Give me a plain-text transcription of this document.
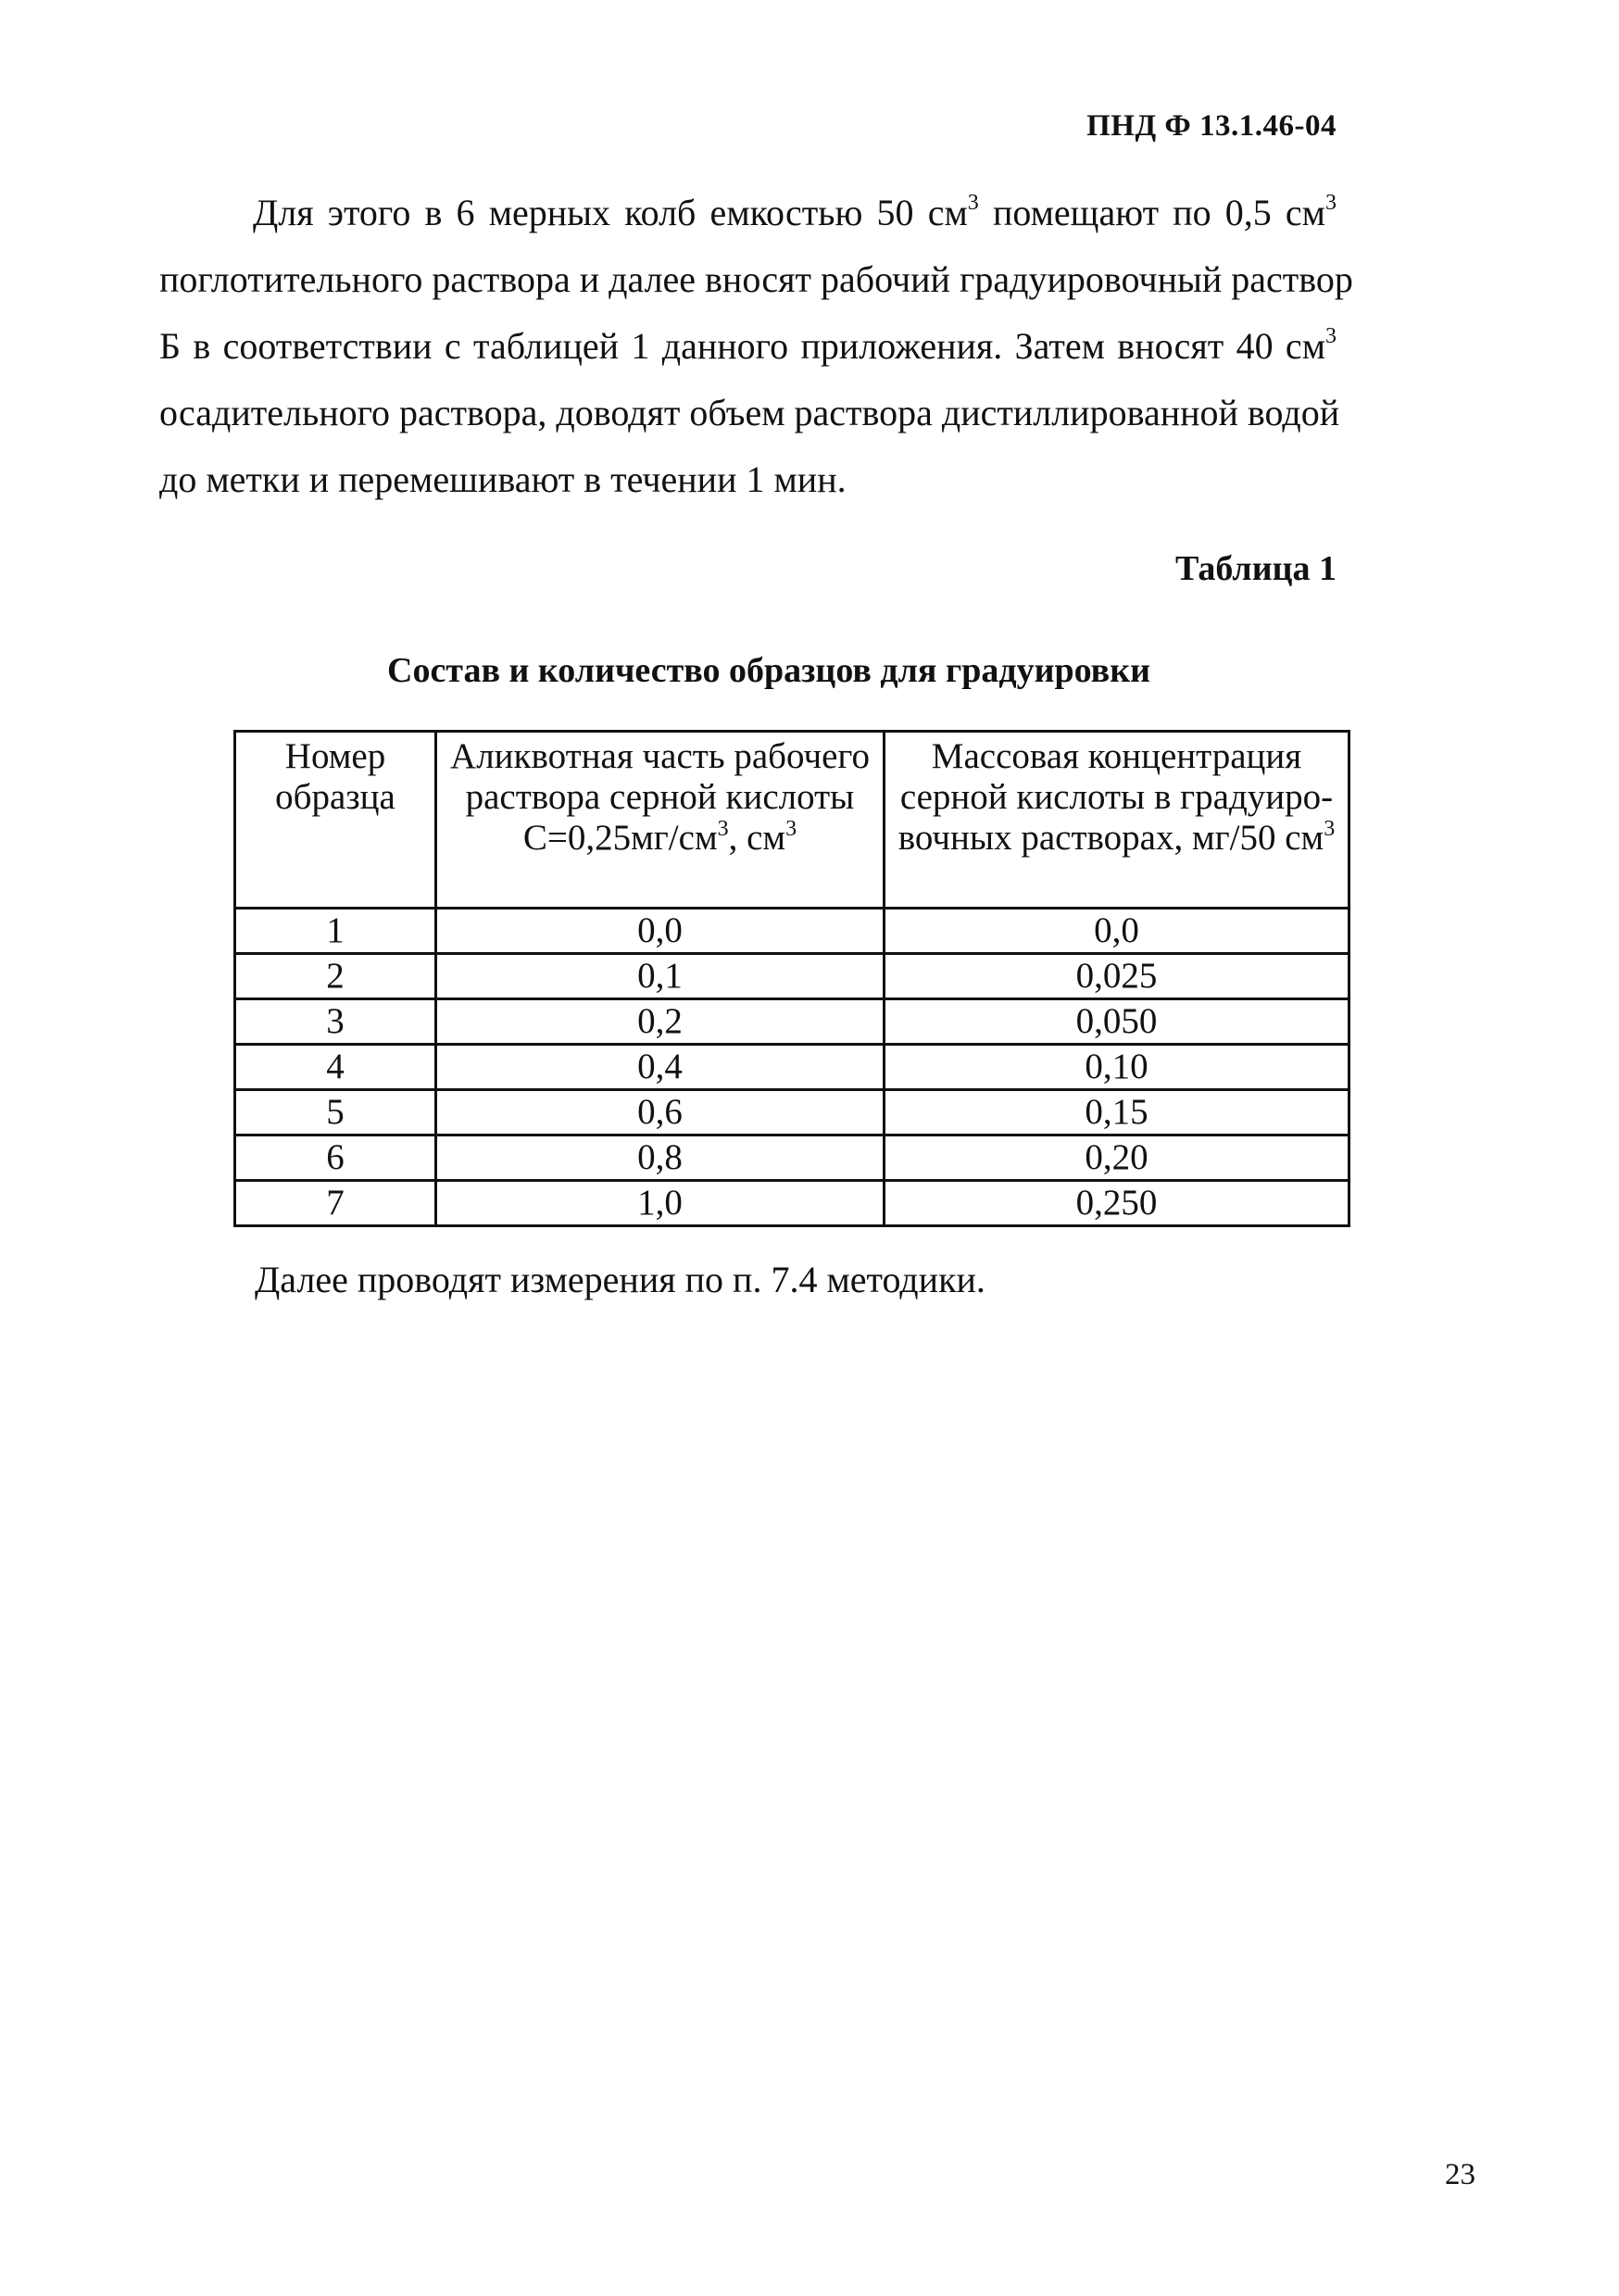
ПНД Ф 13.1.46-04
Для этого в 6 мерных колб емкостью 50 $см^3$ помещают по 0,5 $см^3$
поглотительного раствора и далее вносят рабочий градуировочный раствор
Б в соответствии с таблицей 1 данного приложения. Затем вносят 40 $см^3$
осадительного раствора, доводят объем раствора дистиллированной водой
до метки и перемешивают в течении 1 мин.
Таблица 1

Состав и количество образцов для градуировки

Номер образца	Аликвотная часть рабочего раствора серной кислоты $С=0,25мг/см^3$, $см^3$	Массовая концентрация серной кислоты в градуиро-вочных растворах, мг/50 $см^3$
1	0,0	0,0
2	0,1	0,025
3	0,2	0,050
4	0,4	0,10
5	0,6	0,15
6	0,8	0,20
7	1,0	0,250

Далее проводят измерения по п. 7.4 методики.

23
